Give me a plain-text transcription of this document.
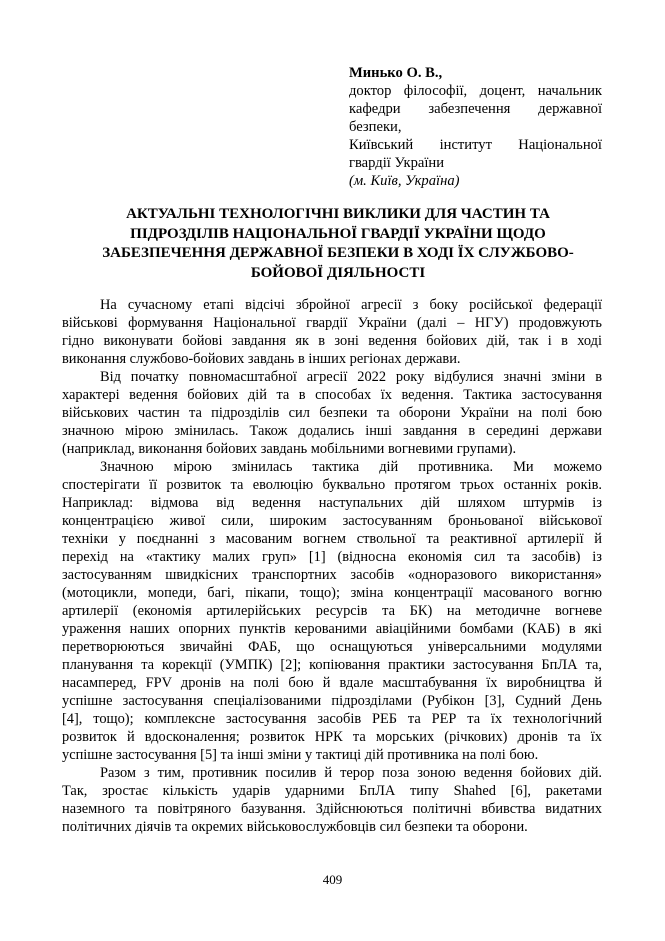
Минько О. В.,
доктор філософії, доцент, начальник
кафедри забезпечення державної
безпеки,
Київський інститут Національної
гвардії України
(м. Київ, Україна)
АКТУАЛЬНІ ТЕХНОЛОГІЧНІ ВИКЛИКИ ДЛЯ ЧАСТИН ТА
ПІДРОЗДІЛІВ НАЦІОНАЛЬНОЇ ГВАРДІЇ УКРАЇНИ ЩОДО
ЗАБЕЗПЕЧЕННЯ ДЕРЖАВНОЇ БЕЗПЕКИ В ХОДІ ЇХ СЛУЖБОВО-
БОЙОВОЇ ДІЯЛЬНОСТІ
На сучасному етапі відсічі збройної агресії з боку російської федерації
військові формування Національної гвардії України (далі – НГУ) продовжують
гідно виконувати бойові завдання як в зоні ведення бойових дій, так і в ході
виконання службово-бойових завдань в інших регіонах держави.
Від початку повномасштабної агресії 2022 року відбулися значні зміни в
характері ведення бойових дій та в способах їх ведення. Тактика застосування
військових частин та підрозділів сил безпеки та оборони України на полі бою
значною мірою змінилась. Також додались інші завдання в середині держави
(наприклад, виконання бойових завдань мобільними вогневими групами).
Значною мірою змінилась тактика дій противника. Ми можемо
спостерігати її розвиток та еволюцію буквально протягом трьох останніх років.
Наприклад: відмова від ведення наступальних дій шляхом штурмів із
концентрацією живої сили, широким застосуванням броньованої військової
техніки у поєднанні з масованим вогнем ствольної та реактивної артилерії й
перехід на «тактику малих груп» [1] (відносна економія сил та засобів) із
застосуванням швидкісних транспортних засобів «одноразового використання»
(мотоцикли, мопеди, багі, пікапи, тощо); зміна концентрації масованого вогню
артилерії (економія артилерійських ресурсів та БК) на методичне вогневе
ураження наших опорних пунктів керованими авіаційними бомбами (КАБ) в які
перетворюються звичайні ФАБ, що оснащуються універсальними модулями
планування та корекції (УМПК) [2]; копіювання практики застосування БпЛА та,
насамперед, FPV дронів на полі бою й вдале масштабування їх виробництва й
успішне застосування спеціалізованими підрозділами (Рубікон [3], Судний День
[4], тощо); комплексне застосування засобів РЕБ та РЕР та їх технологічний
розвиток й вдосконалення; розвиток НРК та морських (річкових) дронів та їх
успішне застосування [5] та інші зміни у тактиці дій противника на полі бою.
Разом з тим, противник посилив й терор поза зоною ведення бойових дій.
Так, зростає кількість ударів ударними БпЛА типу Shahed [6], ракетами
наземного та повітряного базування. Здійснюються політичні вбивства видатних
політичних діячів та окремих військовослужбовців сил безпеки та оборони.
409
